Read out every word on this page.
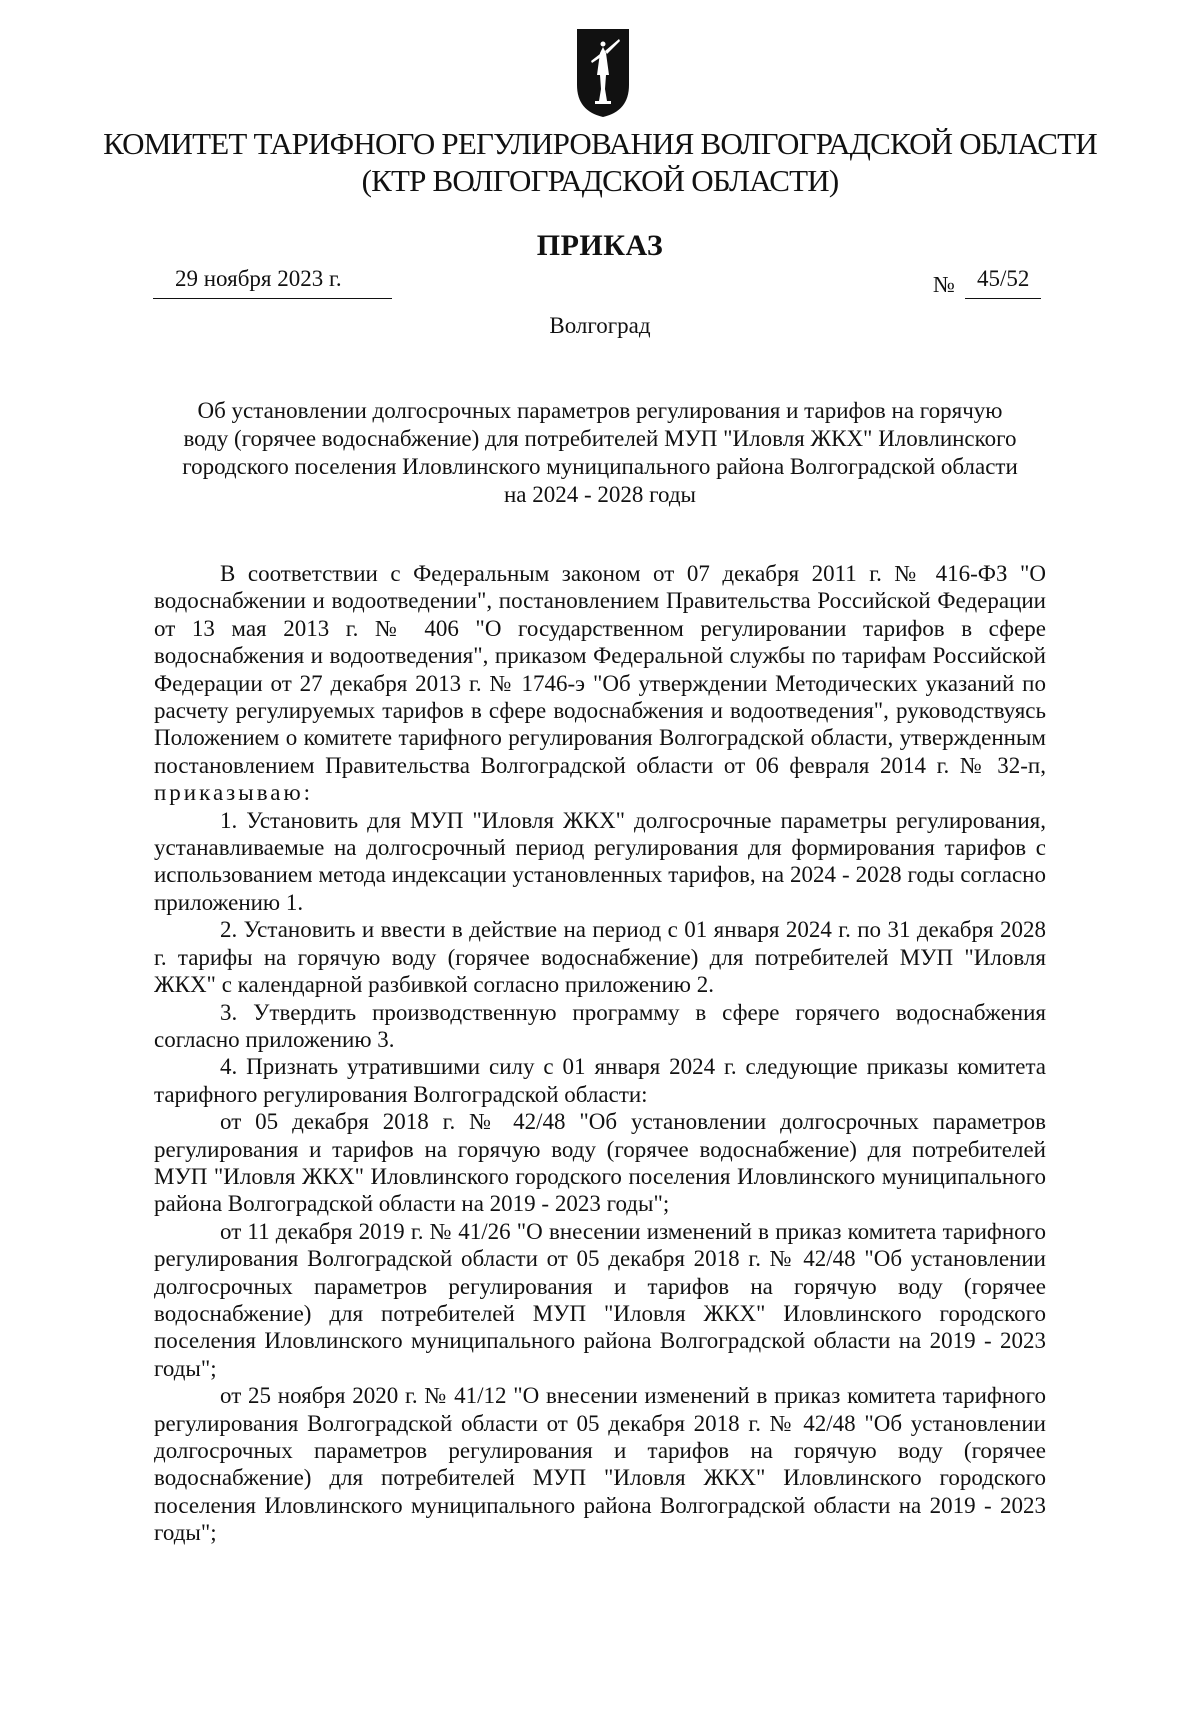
КОМИТЕТ ТАРИФНОГО РЕГУЛИРОВАНИЯ ВОЛГОГРАДСКОЙ ОБЛАСТИ
(КТР ВОЛГОГРАДСКОЙ ОБЛАСТИ)
ПРИКАЗ
29 ноября 2023 г.	№ 45/52
Волгоград
Об установлении долгосрочных параметров регулирования и тарифов на горячую
воду (горячее водоснабжение) для потребителей МУП "Иловля ЖКХ" Иловлинского
городского поселения Иловлинского муниципального района Волгоградской области
на 2024 - 2028 годы

В соответствии с Федеральным законом от 07 декабря 2011 г. № 416-ФЗ "О водоснабжении и водоотведении", постановлением Правительства Российской Федерации от 13 мая 2013 г. № 406 "О государственном регулировании тарифов в сфере водоснабжения и водоотведения", приказом Федеральной службы по тарифам Российской Федерации от 27 декабря 2013 г. № 1746-э "Об утверждении Методических указаний по расчету регулируемых тарифов в сфере водоснабжения и водоотведения", руководствуясь Положением о комитете тарифного регулирования Волгоградской области, утвержденным постановлением Правительства Волгоградской области от 06 февраля 2014 г. № 32-п, приказываю:

1. Установить для МУП "Иловля ЖКХ" долгосрочные параметры регулирования, устанавливаемые на долгосрочный период регулирования для формирования тарифов с использованием метода индексации установленных тарифов, на 2024 - 2028 годы согласно приложению 1.

2. Установить и ввести в действие на период с 01 января 2024 г. по 31 декабря 2028 г. тарифы на горячую воду (горячее водоснабжение) для потребителей МУП "Иловля ЖКХ" с календарной разбивкой согласно приложению 2.

3. Утвердить производственную программу в сфере горячего водоснабжения согласно приложению 3.

4. Признать утратившими силу с 01 января 2024 г. следующие приказы комитета тарифного регулирования Волгоградской области:

от 05 декабря 2018 г. № 42/48 "Об установлении долгосрочных параметров регулирования и тарифов на горячую воду (горячее водоснабжение) для потребителей МУП "Иловля ЖКХ" Иловлинского городского поселения Иловлинского муниципального района Волгоградской области на 2019 - 2023 годы";

от 11 декабря 2019 г. № 41/26 "О внесении изменений в приказ комитета тарифного регулирования Волгоградской области от 05 декабря 2018 г. № 42/48 "Об установлении долгосрочных параметров регулирования и тарифов на горячую воду (горячее водоснабжение) для потребителей МУП "Иловля ЖКХ" Иловлинского городского поселения Иловлинского муниципального района Волгоградской области на 2019 - 2023 годы";

от 25 ноября 2020 г. № 41/12 "О внесении изменений в приказ комитета тарифного регулирования Волгоградской области от 05 декабря 2018 г. № 42/48 "Об установлении долгосрочных параметров регулирования и тарифов на горячую воду (горячее водоснабжение) для потребителей МУП "Иловля ЖКХ" Иловлинского городского поселения Иловлинского муниципального района Волгоградской области на 2019 - 2023 годы";
